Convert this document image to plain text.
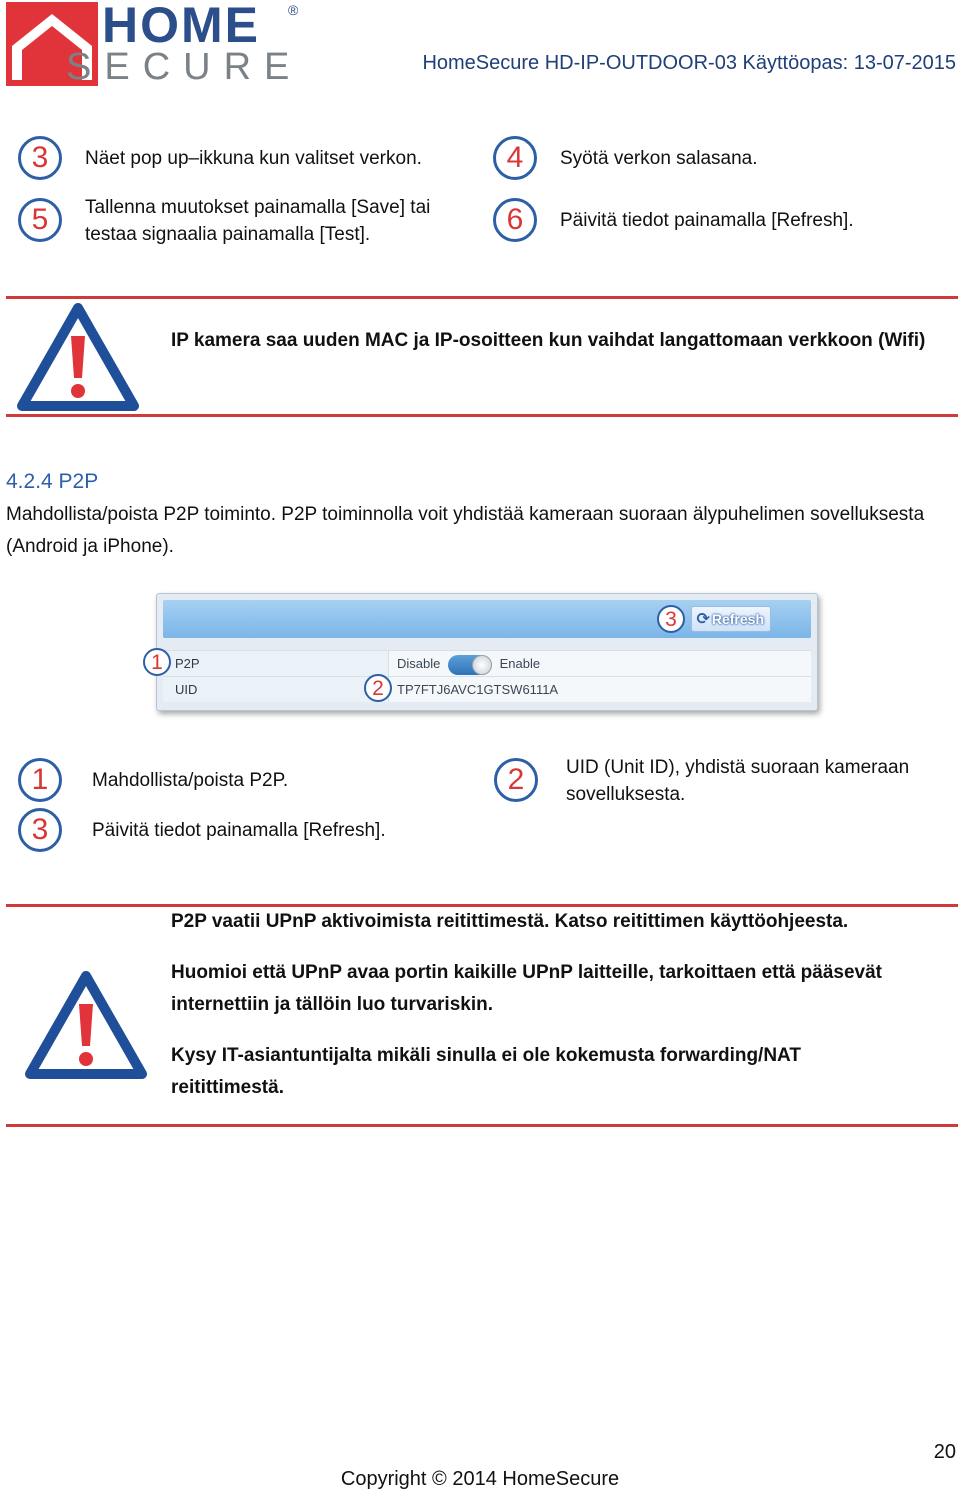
HOME
SECURE
®
HomeSecure HD-IP-OUTDOOR-03 Käyttöopas: 13-07-2015
3	Näet pop up–ikkuna kun valitset verkon.	4	Syötä verkon salasana.
5	Tallenna muutokset painamalla [Save] tai testaa signaalia painamalla [Test].	6	Päivitä tiedot painamalla [Refresh].
IP kamera saa uuden MAC ja IP-osoitteen kun vaihdat langattomaan verkkoon (Wifi)
4.2.4 P2P
Mahdollista/poista P2P toiminto. P2P toiminnolla voit yhdistää kameraan suoraan älypuhelimen sovelluksesta (Android ja iPhone).
⟳ Refresh
P2P	Disable	Enable
UID	TP7FTJ6AVC1GTSW6111A
1
2
3
1	Mahdollista/poista P2P.	2	UID (Unit ID), yhdistä suoraan kameraan sovelluksesta.
3	Päivitä tiedot painamalla [Refresh].
P2P vaatii UPnP aktivoimista reitittimestä. Katso reitittimen käyttöohjeesta.
Huomioi että UPnP avaa portin kaikille UPnP laitteille, tarkoittaen että pääsevät internettiin ja tällöin luo turvariskin.
Kysy IT-asiantuntijalta mikäli sinulla ei ole kokemusta forwarding/NAT reitittimestä.
20
Copyright © 2014 HomeSecure
